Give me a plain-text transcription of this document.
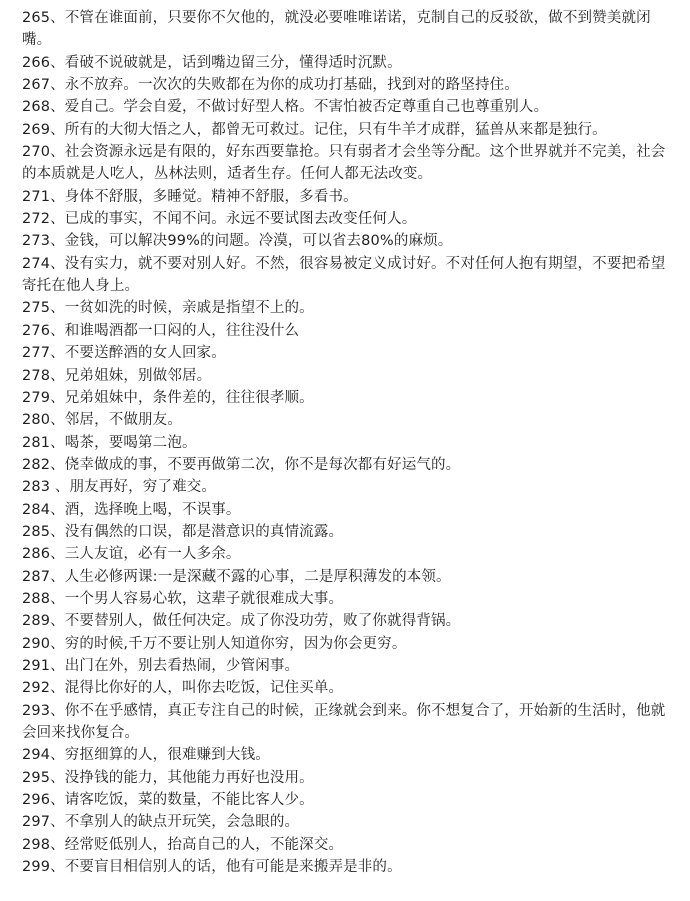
265、不管在谁面前，只要你不欠他的，就没必要唯唯诺诺，克制自己的反驳欲，做不到赞美就闭嘴。

266、看破不说破就是，话到嘴边留三分，懂得适时沉默。

267、永不放弃。一次次的失败都在为你的成功打基础，找到对的路坚持住。

268、爱自己。学会自爱，不做讨好型人格。不害怕被否定尊重自己也尊重别人。

269、所有的大彻大悟之人，都曾无可救过。记住，只有牛羊才成群，猛兽从来都是独行。

270、社会资源永远是有限的，好东西要靠抢。只有弱者才会坐等分配。这个世界就并不完美，社会的本质就是人吃人，丛林法则，适者生存。任何人都无法改变。

271、身体不舒服，多睡觉。精神不舒服，多看书。

272、已成的事实，不闻不问。永远不要试图去改变任何人。

273、金钱，可以解决99%的问题。冷漠，可以省去80%的麻烦。

274、没有实力，就不要对别人好。不然，很容易被定义成讨好。不对任何人抱有期望，不要把希望寄托在他人身上。

275、一贫如洗的时候，亲戚是指望不上的。

276、和谁喝酒都一口闷的人，往往没什么

277、不要送醉酒的女人回家。

278、兄弟姐妹，别做邻居。

279、兄弟姐妹中，条件差的，往往很孝顺。

280、邻居，不做朋友。

281、喝茶，要喝第二泡。

282、侥幸做成的事，不要再做第二次，你不是每次都有好运气的。

283 、朋友再好，穷了难交。

284、酒，选择晚上喝，不误事。

285、没有偶然的口误，都是潜意识的真情流露。

286、三人友谊，必有一人多余。

287、人生必修两课:一是深藏不露的心事，二是厚积薄发的本领。

288、一个男人容易心软，这辈子就很难成大事。

289、不要替别人，做任何决定。成了你没功劳，败了你就得背锅。

290、穷的时候,千万不要让别人知道你穷，因为你会更穷。

291、出门在外，别去看热闹，少管闲事。

292、混得比你好的人，叫你去吃饭，记住买单。

293、你不在乎感情，真正专注自己的时候，正缘就会到来。你不想复合了，开始新的生活时，他就会回来找你复合。

294、穷抠细算的人，很难赚到大钱。

295、没挣钱的能力，其他能力再好也没用。

296、请客吃饭，菜的数量，不能比客人少。

297、不拿别人的缺点开玩笑，会急眼的。

298、经常贬低别人，抬高自己的人，不能深交。

299、不要盲目相信别人的话，他有可能是来搬弄是非的。
